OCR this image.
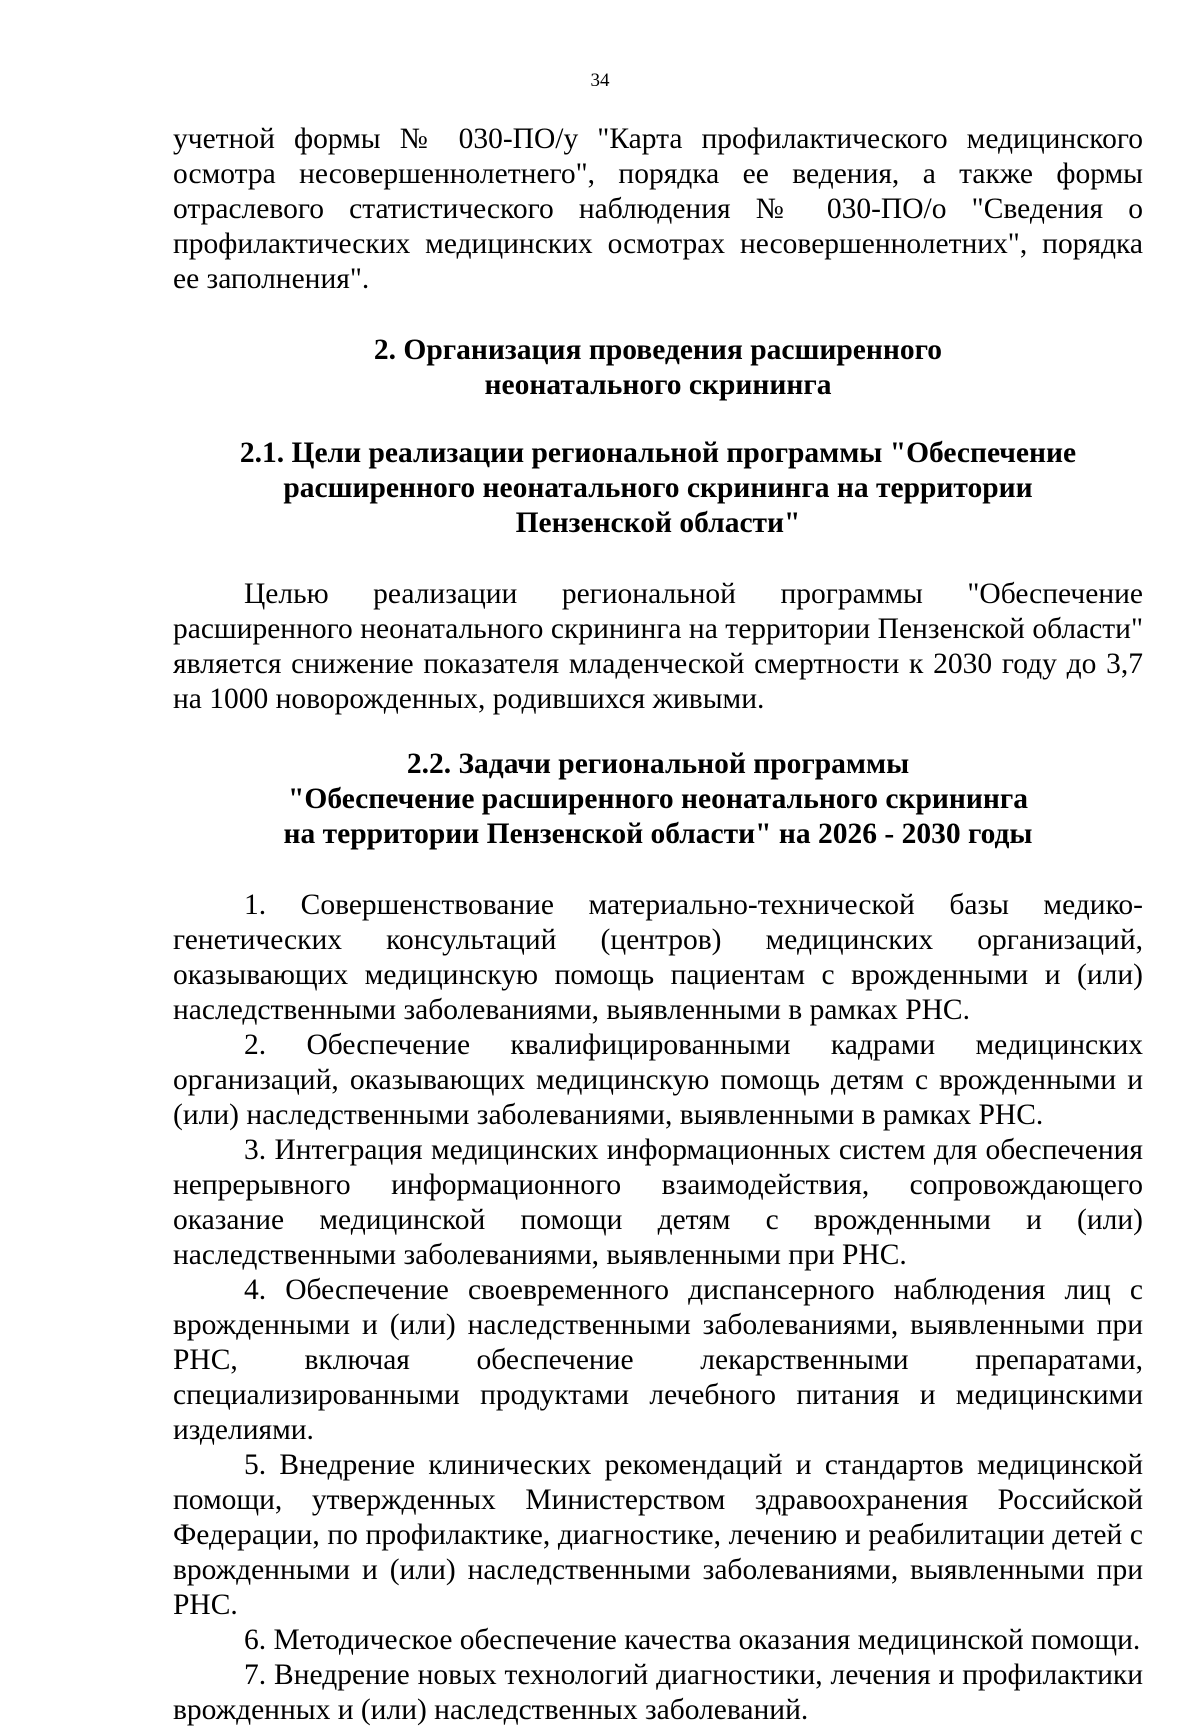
34

учетной формы № 030-ПО/у "Карта профилактического медицинского осмотра несовершеннолетнего", порядка ее ведения, а также формы отраслевого статистического наблюдения № 030-ПО/о "Сведения о профилактических медицинских осмотрах несовершеннолетних", порядка ее заполнения".

2. Организация проведения расширенного
неонатального скрининга
2.1. Цели реализации региональной программы "Обеспечение
расширенного неонатального скрининга на территории
Пензенской области"

Целью реализации региональной программы "Обеспечение расширенного неонатального скрининга на территории Пензенской области" является снижение показателя младенческой смертности к 2030 году до 3,7 на 1000 новорожденных, родившихся живыми.

2.2. Задачи региональной программы
"Обеспечение расширенного неонатального скрининга
на территории Пензенской области" на 2026 - 2030 годы

1. Совершенствование материально-технической базы медико-генетических консультаций (центров) медицинских организаций, оказывающих медицинскую помощь пациентам с врожденными и (или) наследственными заболеваниями, выявленными в рамках РНС.

2. Обеспечение квалифицированными кадрами медицинских организаций, оказывающих медицинскую помощь детям с врожденными и (или) наследственными заболеваниями, выявленными в рамках РНС.

3. Интеграция медицинских информационных систем для обеспечения непрерывного информационного взаимодействия, сопровождающего оказание медицинской помощи детям с врожденными и (или) наследственными заболеваниями, выявленными при РНС.

4. Обеспечение своевременного диспансерного наблюдения лиц с врожденными и (или) наследственными заболеваниями, выявленными при РНС, включая обеспечение лекарственными препаратами, специализированными продуктами лечебного питания и медицинскими изделиями.

5. Внедрение клинических рекомендаций и стандартов медицинской помощи, утвержденных Министерством здравоохранения Российской Федерации, по профилактике, диагностике, лечению и реабилитации детей с врожденными и (или) наследственными заболеваниями, выявленными при РНС.

6. Методическое обеспечение качества оказания медицинской помощи.

7. Внедрение новых технологий диагностики, лечения и профилактики врожденных и (или) наследственных заболеваний.
